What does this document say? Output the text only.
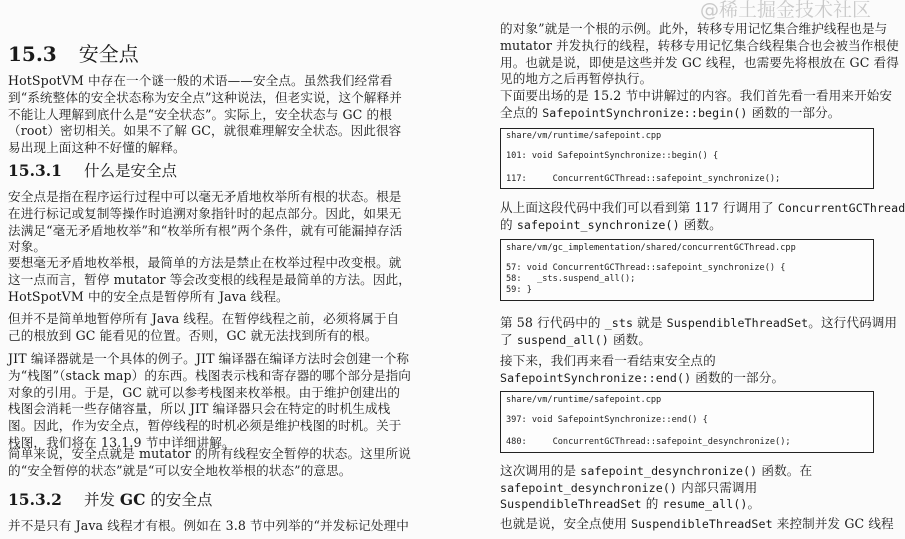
15.3 安全点
15.3.1 什么是安全点
15.3.2 并发 GC 的安全点
@稀土掘金技术社区
HotSpotVM 中存在一个谜一般的术语——安全点。虽然我们经常看
到“系统整体的安全状态称为安全点”这种说法，但老实说，这个解释并
不能让人理解到底什么是“安全状态”。实际上，安全状态与 GC 的根
（root）密切相关。如果不了解 GC，就很难理解安全状态。因此很容
易出现上面这种不好懂的解释。
安全点是指在程序运行过程中可以毫无矛盾地枚举所有根的状态。根是
在进行标记或复制等操作时追溯对象指针时的起点部分。因此，如果无
法满足“毫无矛盾地枚举”和“枚举所有根”两个条件，就有可能漏掉存活
对象。
要想毫无矛盾地枚举根，最简单的方法是禁止在枚举过程中改变根。就
这一点而言，暂停 mutator 等会改变根的线程是最简单的方法。因此，
HotSpotVM 中的安全点是暂停所有 Java 线程。
但并不是简单地暂停所有 Java 线程。在暂停线程之前，必须将属于自
己的根放到 GC 能看见的位置。否则，GC 就无法找到所有的根。
JIT 编译器就是一个具体的例子。JIT 编译器在编译方法时会创建一个称
为“栈图”（stack map）的东西。栈图表示栈和寄存器的哪个部分是指向
对象的引用。于是，GC 就可以参考栈图来枚举根。由于维护创建出的
栈图会消耗一些存储容量，所以 JIT 编译器只会在特定的时机生成栈
图。因此，作为安全点，暂停线程的时机必须是维护栈图的时机。关于
栈图，我们将在 13.1.9 节中详细讲解。
简单来说，安全点就是 mutator 的所有线程安全暂停的状态。这里所说
的“安全暂停的状态”就是“可以安全地枚举根的状态”的意思。
并不是只有 Java 线程才有根。例如在 3.8 节中列举的“并发标记处理中
的对象”就是一个根的示例。此外，转移专用记忆集合维护线程也是与
mutator 并发执行的线程，转移专用记忆集合线程集合也会被当作根使
用。也就是说，即使是这些并发 GC 线程，也需要先将根放在 GC 看得
见的地方之后再暂停执行。
下面要出场的是 15.2 节中讲解过的内容。我们首先看一看用来开始安
全点的 SafepointSynchronize::begin() 函数的一部分。
从上面这段代码中我们可以看到第 117 行调用了 ConcurrentGCThread
的 safepoint_synchronize() 函数。
第 58 行代码中的 _sts 就是 SuspendibleThreadSet。这行代码调用
了 suspend_all() 函数。
接下来，我们再来看一看结束安全点的
SafepointSynchronize::end() 函数的一部分。
这次调用的是 safepoint_desynchronize() 函数。在
safepoint_desynchronize() 内部只需调用
SuspendibleThreadSet 的 resume_all()。
也就是说，安全点使用 SuspendibleThreadSet 来控制并发 GC 线程
share/vm/runtime/safepoint.cpp
101: void SafepointSynchronize::begin() {
117:     ConcurrentGCThread::safepoint_synchronize();
share/vm/gc_implementation/shared/concurrentGCThread.cpp
57: void ConcurrentGCThread::safepoint_synchronize() {
58:   _sts.suspend_all();
59: }
share/vm/runtime/safepoint.cpp
397: void SafepointSynchronize::end() {
480:     ConcurrentGCThread::safepoint_desynchronize();
